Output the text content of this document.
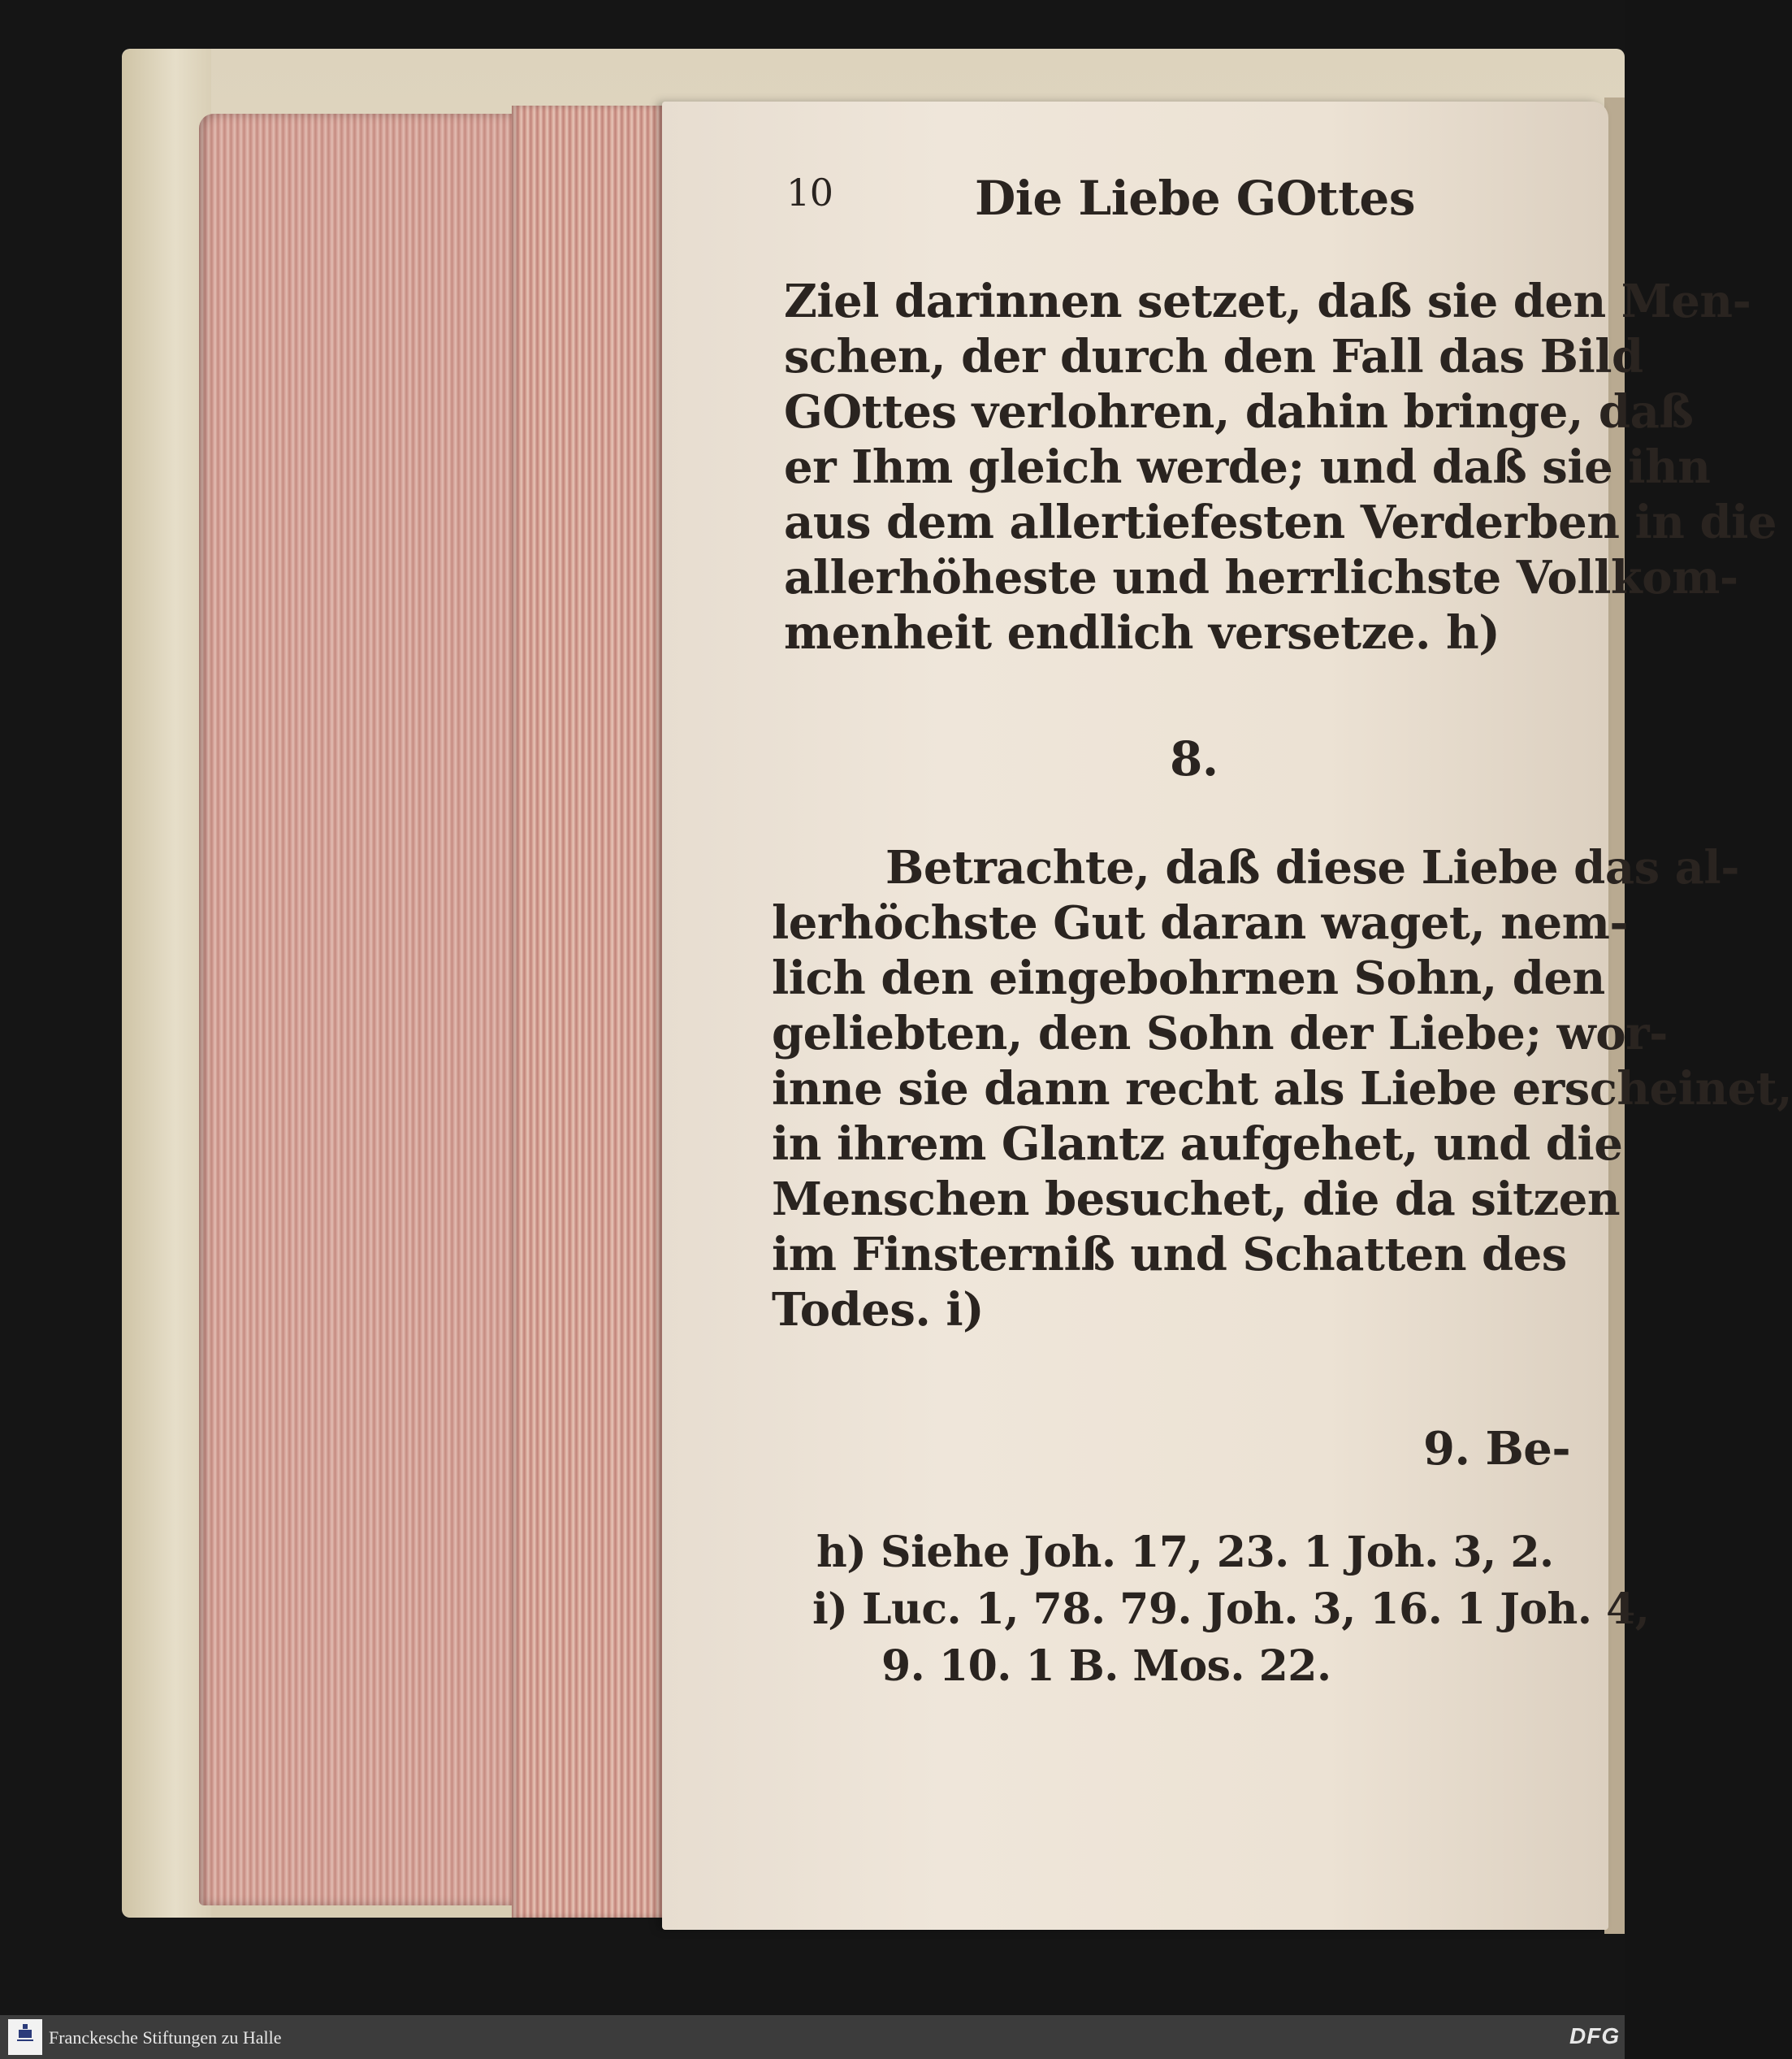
10	Die Liebe GOttes
Ziel darinnen setzet, daß sie den Men-
schen, der durch den Fall das Bild
GOttes verlohren, dahin bringe, daß
er Ihm gleich werde; und daß sie ihn
aus dem allertiefesten Verderben in die
allerhöheste und herrlichste Vollkom-
menheit endlich versetze. h)
8.
Betrachte, daß diese Liebe das al-
lerhöchste Gut daran waget, nem-
lich den eingebohrnen Sohn, den
geliebten, den Sohn der Liebe; wor-
inne sie dann recht als Liebe erscheinet,
in ihrem Glantz aufgehet, und die
Menschen besuchet, die da sitzen
im Finsterniß und Schatten des
Todes. i)
9. Be-
h) Siehe Joh. 17, 23. 1 Joh. 3, 2.
i) Luc. 1, 78. 79. Joh. 3, 16. 1 Joh. 4,
9. 10. 1 B. Mos. 22.
Franckesche Stiftungen zu Halle	DFG
